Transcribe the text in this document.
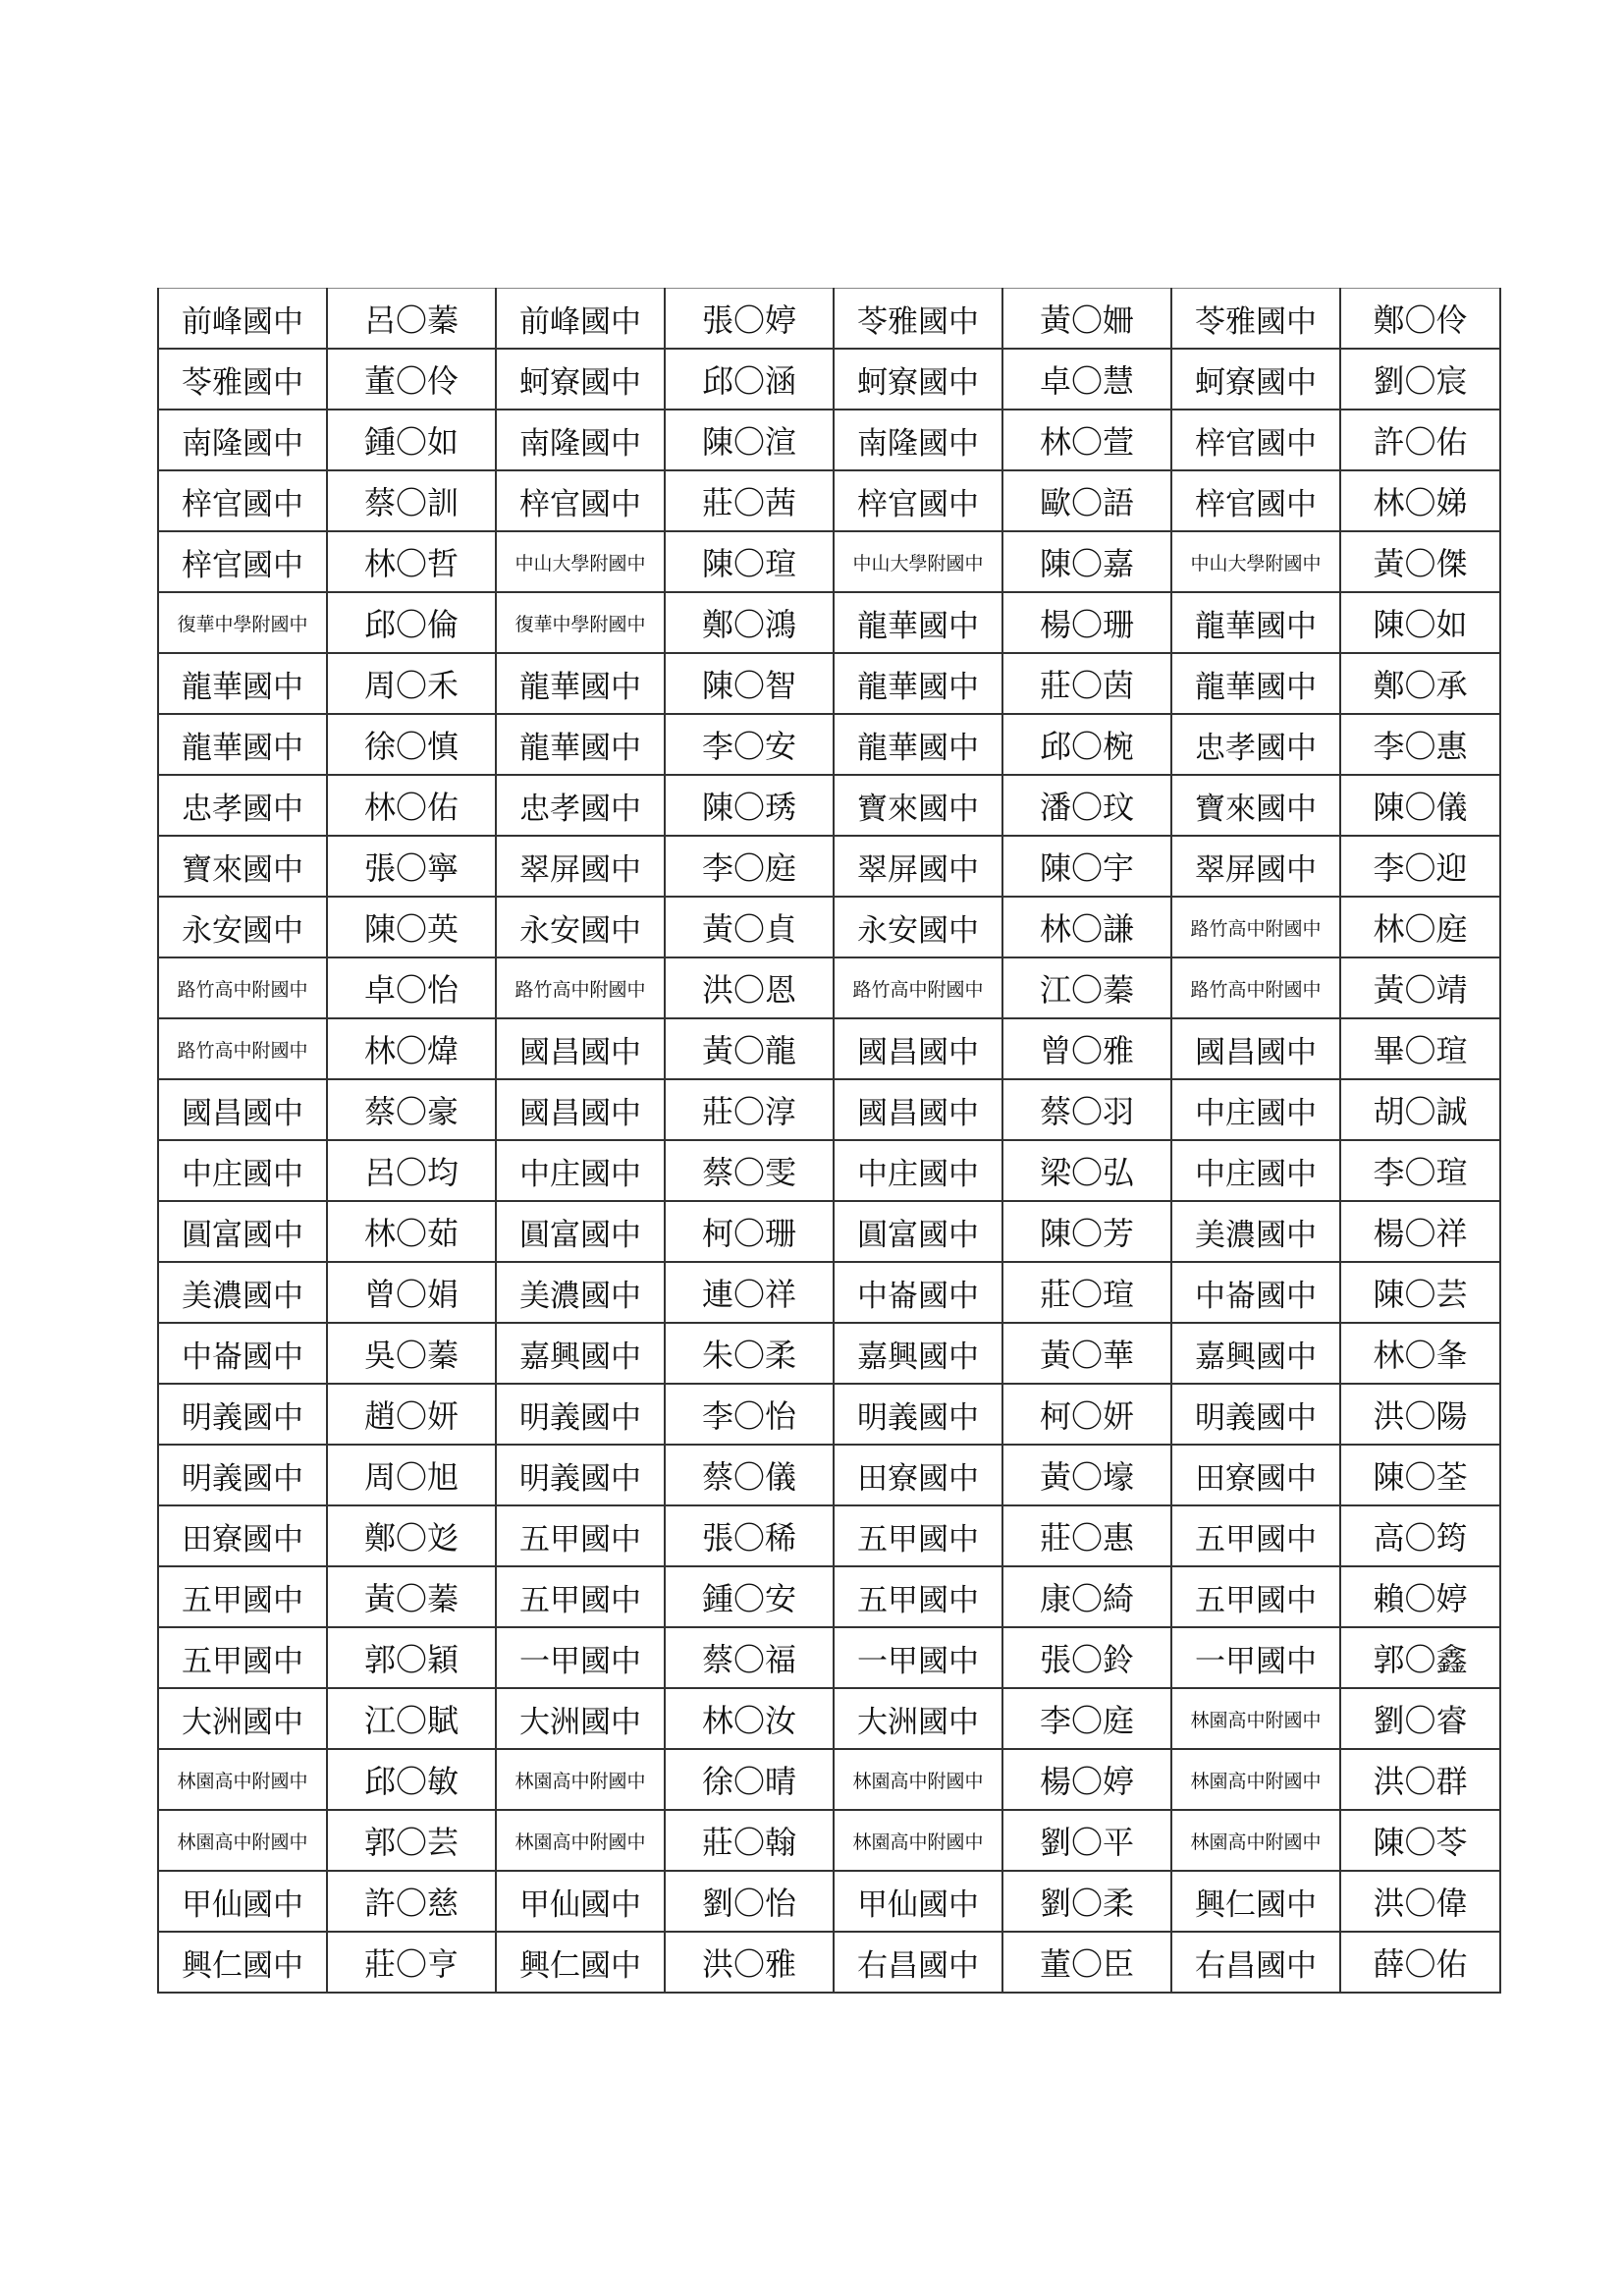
前峰國中	呂〇蓁	前峰國中	張〇婷	苓雅國中	黃〇姍	苓雅國中	鄭〇伶
苓雅國中	董〇伶	蚵寮國中	邱〇涵	蚵寮國中	卓〇慧	蚵寮國中	劉〇宸
南隆國中	鍾〇如	南隆國中	陳〇渲	南隆國中	林〇萱	梓官國中	許〇佑
梓官國中	蔡〇訓	梓官國中	莊〇茜	梓官國中	歐〇語	梓官國中	林〇娣
梓官國中	林〇哲	中山大學附國中	陳〇瑄	中山大學附國中	陳〇嘉	中山大學附國中	黃〇傑
復華中學附國中	邱〇倫	復華中學附國中	鄭〇鴻	龍華國中	楊〇珊	龍華國中	陳〇如
龍華國中	周〇禾	龍華國中	陳〇智	龍華國中	莊〇茵	龍華國中	鄭〇承
龍華國中	徐〇慎	龍華國中	李〇安	龍華國中	邱〇椀	忠孝國中	李〇惠
忠孝國中	林〇佑	忠孝國中	陳〇琇	寶來國中	潘〇玟	寶來國中	陳〇儀
寶來國中	張〇寧	翠屏國中	李〇庭	翠屏國中	陳〇宇	翠屏國中	李〇迎
永安國中	陳〇英	永安國中	黃〇貞	永安國中	林〇謙	路竹高中附國中	林〇庭
路竹高中附國中	卓〇怡	路竹高中附國中	洪〇恩	路竹高中附國中	江〇蓁	路竹高中附國中	黃〇靖
路竹高中附國中	林〇煒	國昌國中	黃〇龍	國昌國中	曾〇雅	國昌國中	畢〇瑄
國昌國中	蔡〇豪	國昌國中	莊〇淳	國昌國中	蔡〇羽	中庄國中	胡〇誠
中庄國中	呂〇均	中庄國中	蔡〇雯	中庄國中	梁〇弘	中庄國中	李〇瑄
圓富國中	林〇茹	圓富國中	柯〇珊	圓富國中	陳〇芳	美濃國中	楊〇祥
美濃國中	曾〇娟	美濃國中	連〇祥	中崙國中	莊〇瑄	中崙國中	陳〇芸
中崙國中	吳〇蓁	嘉興國中	朱〇柔	嘉興國中	黃〇華	嘉興國中	林〇夆
明義國中	趙〇妍	明義國中	李〇怡	明義國中	柯〇妍	明義國中	洪〇陽
明義國中	周〇旭	明義國中	蔡〇儀	田寮國中	黃〇壕	田寮國中	陳〇荃
田寮國中	鄭〇彣	五甲國中	張〇稀	五甲國中	莊〇惠	五甲國中	高〇筠
五甲國中	黃〇蓁	五甲國中	鍾〇安	五甲國中	康〇綺	五甲國中	賴〇婷
五甲國中	郭〇穎	一甲國中	蔡〇福	一甲國中	張〇鈴	一甲國中	郭〇鑫
大洲國中	江〇賦	大洲國中	林〇汝	大洲國中	李〇庭	林園高中附國中	劉〇睿
林園高中附國中	邱〇敏	林園高中附國中	徐〇晴	林園高中附國中	楊〇婷	林園高中附國中	洪〇群
林園高中附國中	郭〇芸	林園高中附國中	莊〇翰	林園高中附國中	劉〇平	林園高中附國中	陳〇苓
甲仙國中	許〇慈	甲仙國中	劉〇怡	甲仙國中	劉〇柔	興仁國中	洪〇偉
興仁國中	莊〇亨	興仁國中	洪〇雅	右昌國中	董〇臣	右昌國中	薛〇佑
